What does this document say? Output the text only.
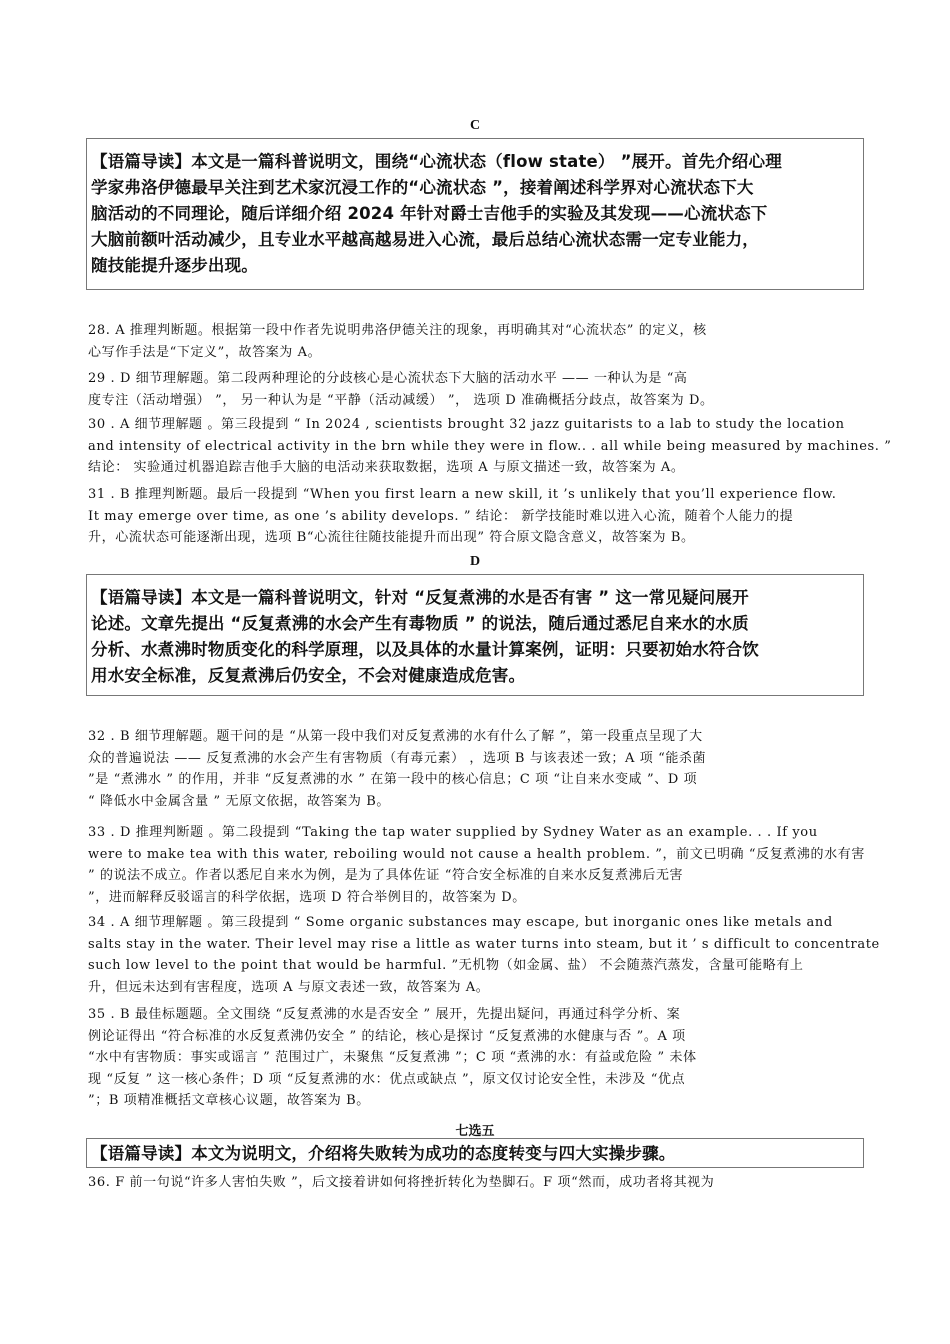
C

【语篇导读】本文是一篇科普说明文，围绕“心流状态（flow state） ”展开。首先介绍心理

学家弗洛伊德最早关注到艺术家沉浸工作的“心流状态 ”，接着阐述科学界对心流状态下大

脑活动的不同理论，随后详细介绍 2024 年针对爵士吉他手的实验及其发现——心流状态下

大脑前额叶活动减少，且专业水平越高越易进入心流，最后总结心流状态需一定专业能力，

随技能提升逐步出现。

28. A 推理判断题。根据第一段中作者先说明弗洛伊德关注的现象，再明确其对“心流状态” 的定义，核

心写作手法是“下定义”，故答案为 A。

29 . D 细节理解题。第二段两种理论的分歧核心是心流状态下大脑的活动水平 —— 一种认为是 “高

度专注（活动增强） ”， 另一种认为是 “平静（活动减缓） ”， 选项 D 准确概括分歧点，故答案为 D。

30 . A 细节理解题 。第三段提到 “ In 2024 , scientists brought 32 jazz guitarists to a lab to study the location

and intensity of electrical activity in the brn while they were in flow.. . all while being measured by machines. ”

结论： 实验通过机器追踪吉他手大脑的电活动来获取数据，选项 A 与原文描述一致，故答案为 A。

31 . B 推理判断题。最后一段提到 “When you first learn a new skill, it ’s unlikely that you’ll experience flow.

It may emerge over time, as one ’s ability develops. ” 结论： 新学技能时难以进入心流，随着个人能力的提

升，心流状态可能逐渐出现，选项 B“心流往往随技能提升而出现” 符合原文隐含意义，故答案为 B。

D

【语篇导读】本文是一篇科普说明文，针对 “反复煮沸的水是否有害 ” 这一常见疑问展开

论述。文章先提出 “反复煮沸的水会产生有毒物质 ” 的说法，随后通过悉尼自来水的水质

分析、水煮沸时物质变化的科学原理，以及具体的水量计算案例，证明：只要初始水符合饮

用水安全标准，反复煮沸后仍安全，不会对健康造成危害。

32 . B 细节理解题。题干问的是 “从第一段中我们对反复煮沸的水有什么了解 ”，第一段重点呈现了大

众的普遍说法 —— 反复煮沸的水会产生有害物质（有毒元素） ，选项 B 与该表述一致；A 项 “能杀菌

”是 “煮沸水 ” 的作用，并非 “反复煮沸的水 ” 在第一段中的核心信息；C 项 “让自来水变咸 ”、D 项

“ 降低水中金属含量 ” 无原文依据，故答案为 B。

33 . D 推理判断题 。第二段提到 “Taking the tap water supplied by Sydney Water as an example. . . If you

were to make tea with this water, reboiling would not cause a health problem. ”，前文已明确 “反复煮沸的水有害

” 的说法不成立。作者以悉尼自来水为例，是为了具体佐证 “符合安全标准的自来水反复煮沸后无害

”，进而解释反驳谣言的科学依据，选项 D 符合举例目的，故答案为 D。

34 . A 细节理解题 。第三段提到 “ Some organic substances may escape, but inorganic ones like metals and

salts stay in the water. Their level may rise a little as water turns into steam, but it ’ s difficult to concentrate

such low level to the point that would be harmful. ”无机物（如金属、盐） 不会随蒸汽蒸发，含量可能略有上

升，但远未达到有害程度，选项 A 与原文表述一致，故答案为 A。

35 . B 最佳标题题。全文围绕 “反复煮沸的水是否安全 ” 展开，先提出疑问，再通过科学分析、案

例论证得出 “符合标准的水反复煮沸仍安全 ” 的结论，核心是探讨 “反复煮沸的水健康与否 ”。A 项

“水中有害物质：事实或谣言 ” 范围过广，未聚焦 “反复煮沸 ”；C 项 “煮沸的水：有益或危险 ” 未体

现 “反复 ” 这一核心条件；D 项 “反复煮沸的水：优点或缺点 ”，原文仅讨论安全性，未涉及 “优点

”；B 项精准概括文章核心议题，故答案为 B。

七选五

【语篇导读】本文为说明文，介绍将失败转为成功的态度转变与四大实操步骤。

36. F 前一句说“许多人害怕失败 ”，后文接着讲如何将挫折转化为垫脚石。F 项“然而，成功者将其视为
